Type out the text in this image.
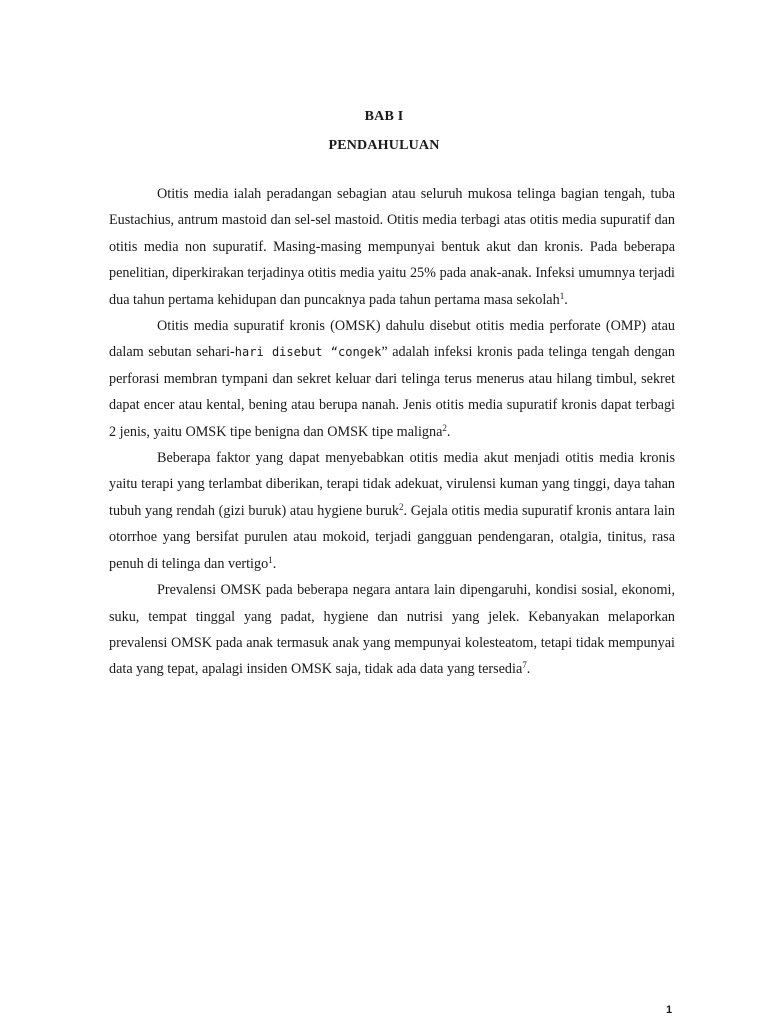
BAB I
PENDAHULUAN

Otitis media ialah peradangan sebagian atau seluruh mukosa telinga bagian tengah, tuba Eustachius, antrum mastoid dan sel-sel mastoid. Otitis media terbagi atas otitis media supuratif dan otitis media non supuratif. Masing-masing mempunyai bentuk akut dan kronis. Pada beberapa penelitian, diperkirakan terjadinya otitis media yaitu 25% pada anak-anak. Infeksi umumnya terjadi dua tahun pertama kehidupan dan puncaknya pada tahun pertama masa sekolah$^1$.

Otitis media supuratif kronis (OMSK) dahulu disebut otitis media perforate (OMP) atau dalam sebutan sehari-hari disebut “congek” adalah infeksi kronis pada telinga tengah dengan perforasi membran tympani dan sekret keluar dari telinga terus menerus atau hilang timbul, sekret dapat encer atau kental, bening atau berupa nanah. Jenis otitis media supuratif kronis dapat terbagi 2 jenis, yaitu OMSK tipe benigna dan OMSK tipe maligna$^2$.

Beberapa faktor yang dapat menyebabkan otitis media akut menjadi otitis media kronis yaitu terapi yang terlambat diberikan, terapi tidak adekuat, virulensi kuman yang tinggi, daya tahan tubuh yang rendah (gizi buruk) atau hygiene buruk$^2$. Gejala otitis media supuratif kronis antara lain otorrhoe yang bersifat purulen atau mokoid, terjadi gangguan pendengaran, otalgia, tinitus, rasa penuh di telinga dan vertigo$^1$.

Prevalensi OMSK pada beberapa negara antara lain dipengaruhi, kondisi sosial, ekonomi, suku, tempat tinggal yang padat, hygiene dan nutrisi yang jelek. Kebanyakan melaporkan prevalensi OMSK pada anak termasuk anak yang mempunyai kolesteatom, tetapi tidak mempunyai data yang tepat, apalagi insiden OMSK saja, tidak ada data yang tersedia$^7$.

1
